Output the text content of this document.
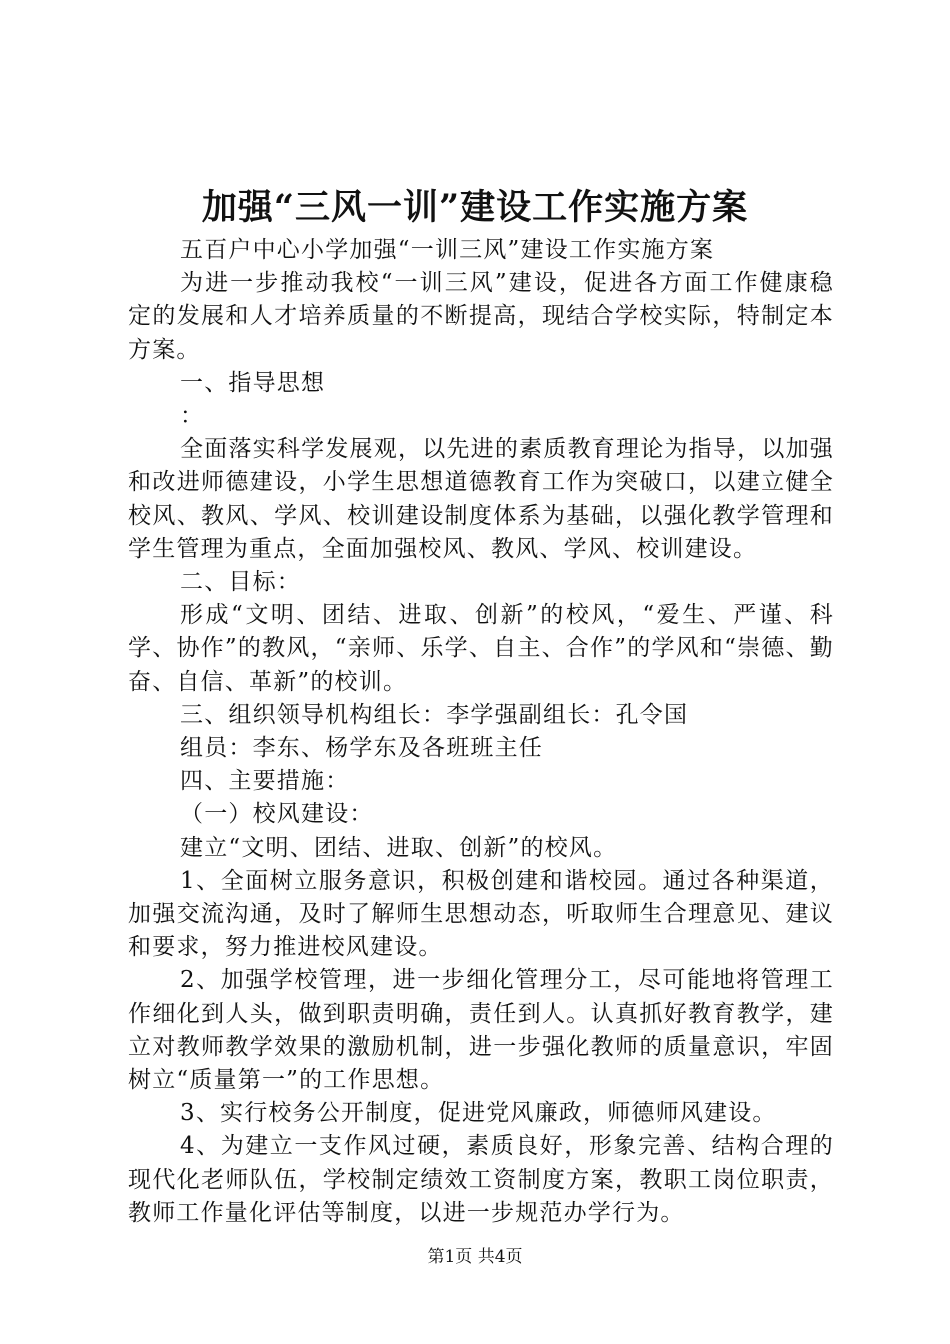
加强“三风一训”建设工作实施方案

五百户中心小学加强“一训三风”建设工作实施方案

为进一步推动我校“一训三风”建设，促进各方面工作健康稳定的发展和人才培养质量的不断提高，现结合学校实际，特制定本方案。

一、指导思想

：

全面落实科学发展观，以先进的素质教育理论为指导，以加强和改进师德建设，小学生思想道德教育工作为突破口，以建立健全校风、教风、学风、校训建设制度体系为基础，以强化教学管理和学生管理为重点，全面加强校风、教风、学风、校训建设。

二、目标：

形成“文明、团结、进取、创新”的校风，“爱生、严谨、科学、协作”的教风，“亲师、乐学、自主、合作”的学风和“崇德、勤奋、自信、革新”的校训。

三、组织领导机构组长：李学强副组长：孔令国

组员：李东、杨学东及各班班主任

四、主要措施：

（一）校风建设：

建立“文明、团结、进取、创新”的校风。

1、全面树立服务意识，积极创建和谐校园。通过各种渠道，加强交流沟通，及时了解师生思想动态，听取师生合理意见、建议和要求，努力推进校风建设。

2、加强学校管理，进一步细化管理分工，尽可能地将管理工作细化到人头，做到职责明确，责任到人。认真抓好教育教学，建立对教师教学效果的激励机制，进一步强化教师的质量意识，牢固树立“质量第一”的工作思想。

3、实行校务公开制度，促进党风廉政，师德师风建设。

4、为建立一支作风过硬，素质良好，形象完善、结构合理的现代化老师队伍，学校制定绩效工资制度方案，教职工岗位职责，教师工作量化评估等制度，以进一步规范办学行为。

第1页 共4页
